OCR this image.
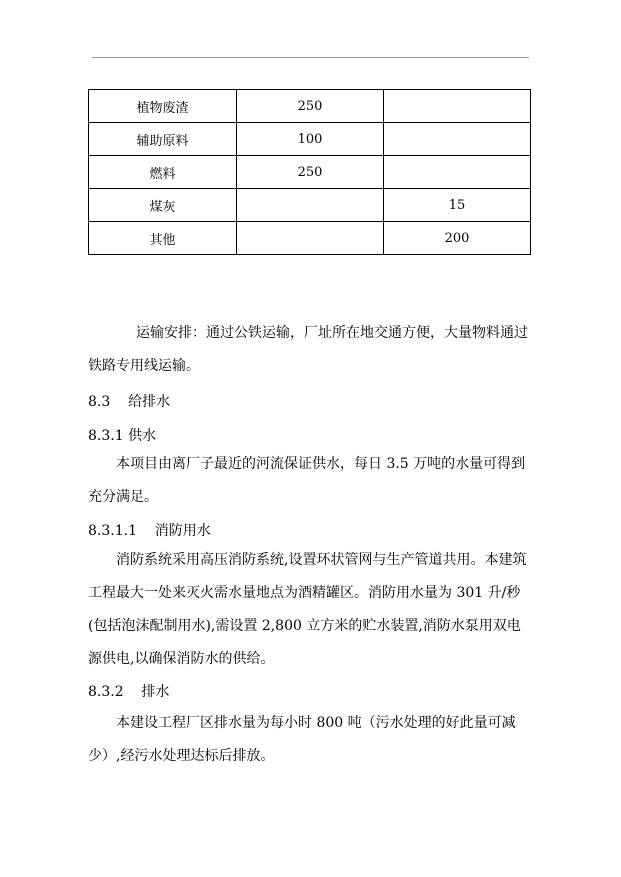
植物废渣	250	
辅助原料	100	
燃料	250	
煤灰		15
其他		200

运输安排：通过公铁运输，厂址所在地交通方便，大量物料通过铁路专用线运输。

8.3    给排水
8.3.1 供水

本项目由离厂子最近的河流保证供水，每日 3.5 万吨的水量可得到充分满足。

8.3.1.1    消防用水

消防系统采用高压消防系统,设置环状管网与生产管道共用。本建筑工程最大一处来灭火需水量地点为酒精罐区。消防用水量为 301 升/秒(包括泡沫配制用水),需设置 2,800 立方米的贮水装置,消防水泵用双电源供电,以确保消防水的供给。

8.3.2    排水

本建设工程厂区排水量为每小时 800 吨（污水处理的好此量可减少）,经污水处理达标后排放。
